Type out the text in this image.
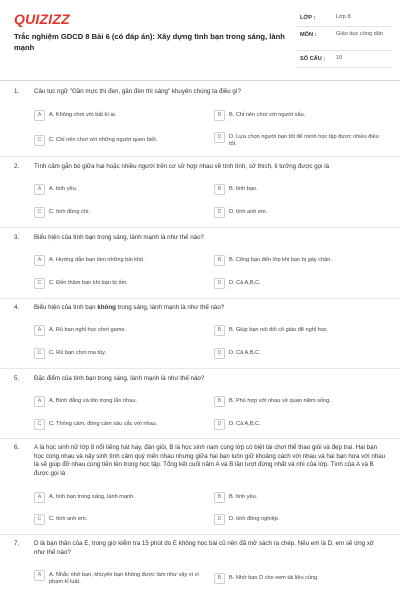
QUIZIZZ
Trắc nghiệm GDCD 8 Bài 6 (có đáp án): Xây dựng tình bạn trong sáng, lành mạnh
LỚP :	Lớp 8
MÔN :	Giáo dục công dân
SỐ CÂU : 10
1. Câu tục ngữ "Gần mực thì đen, gần đèn thì sáng" khuyên chúng ta điều gì?
A	A. Không chơi với bất kì ai.	B	B. Chỉ nên chơi với người xấu.
C	C. Chỉ nên chơi với những người quen biết.	D	D. Lựa chọn người bạn tốt để mình học tập được nhiều điều tốt.
2. Tình cảm gắn bó giữa hai hoặc nhiều người trên cơ sở hợp nhau về tính tình, sở thích, lí tưởng được gọi là
A	A. tình yêu.	B	B. tình bạn.
C	C. tình đồng chí.	D	D. tình anh em.
3. Biểu hiện của tình bạn trong sáng, lành mạnh là như thế nào?
A	A. Hướng dẫn bạn làm những bài khó.	B	B. Cõng bạn đến lớp khi bạn bị gãy chân.
C	C. Đến thăm bạn khi bạn bị ốm.	D	D. Cả A,B,C.
4. Biểu hiện của tình bạn không trong sáng, lành mạnh là như thế nào?
A	A. Rủ bạn nghỉ học chơi game.	B	B. Giúp bạn nói dối cô giáo để nghỉ học.
C	C. Rủ bạn chơi ma túy.	D	D. Cả A,B,C.
5. Đặc điểm của tình bạn trong sáng, lành mạnh là như thế nào?
A	A. Bình đẳng và tôn trọng lẫn nhau.	B	B. Phù hợp với nhau về quan niệm sống.
C	C. Thông cảm, đồng cảm sâu sắc với nhau.	D	D. Cả A,B,C.
6. A là học sinh nữ lớp 8 nổi tiếng hát hay, đàn giỏi, B là học sinh nam cùng lớp có biệt tài chơi thể thao giỏi và đẹp trai. Hai bạn học cùng nhau và nảy sinh tình cảm quý mến nhau nhưng giữa hai bạn luôn giữ khoảng cách với nhau và hai bạn hứa với nhau là sẽ giúp đỡ nhau cùng tiến lên trong học tập. Tổng kết cuối năm A và B lần lượt đứng nhất và nhì của lớp. Tình của A và B được gọi là
A	A. tình bạn trong sáng, lành mạnh.	B	B. tình yêu.
C	C. tình anh em.	D	D. tình đồng nghiệp.
7. D là bạn thân của E, trong giờ kiểm tra 15 phút do E không học bài cũ nên đã mở sách ra chép. Nếu em là D, em sẽ ứng xử như thế nào?
A	A. Nhắc nhở bạn, khuyên bạn không được làm như vậy vì vi phạm kỉ luật.
B	B. Nhờ bạn D cho xem tài liệu cùng.
